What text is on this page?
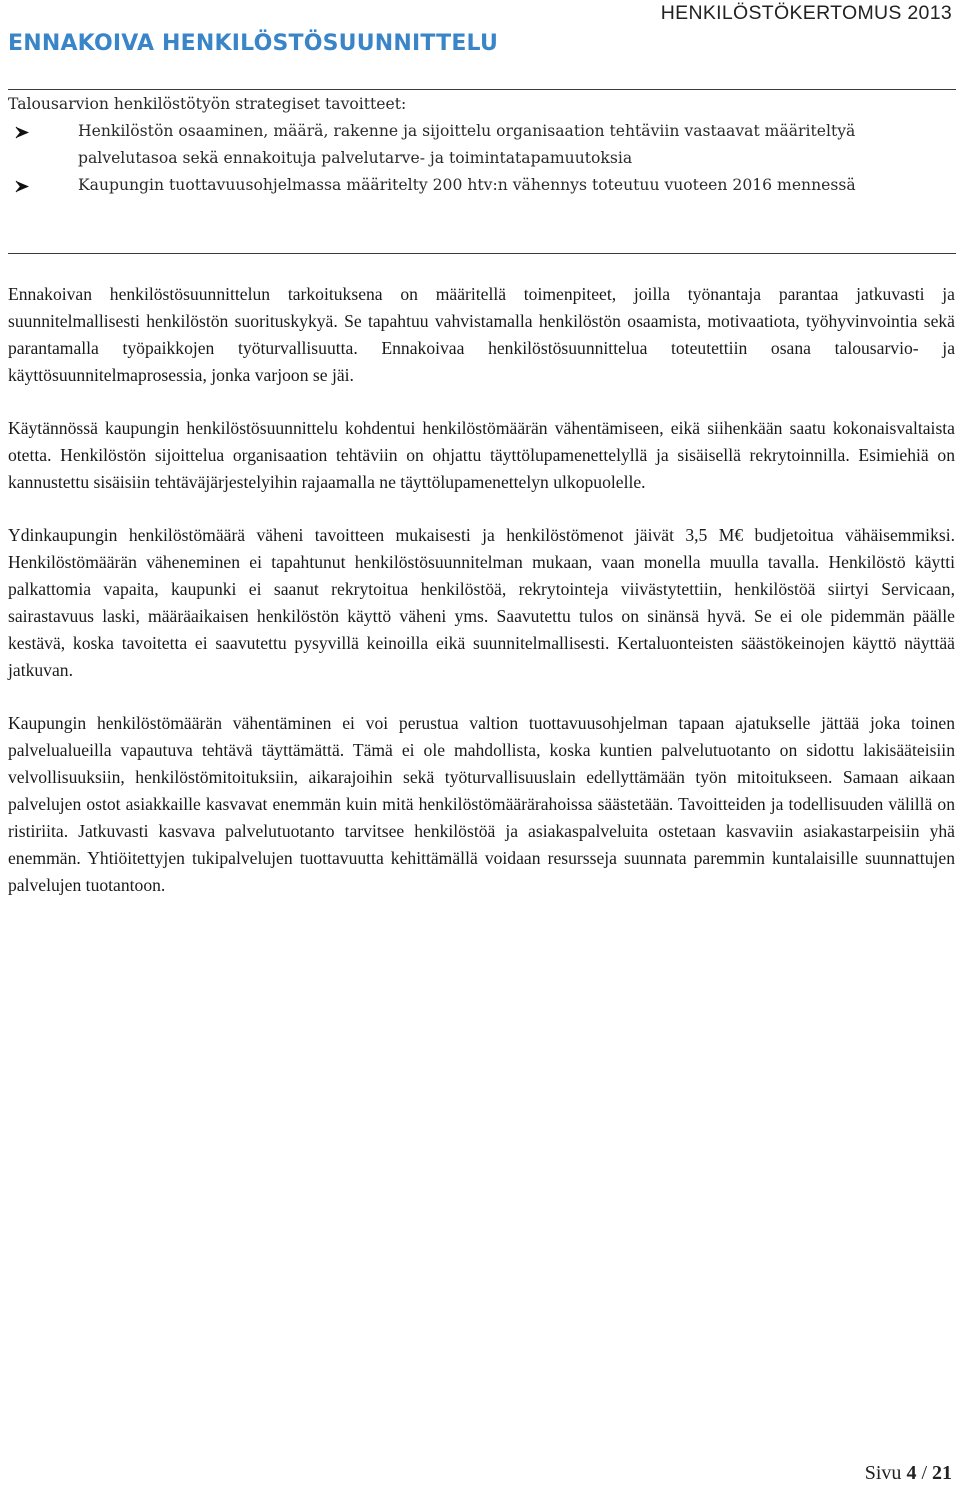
HENKILÖSTÖKERTOMUS 2013
ENNAKOIVA HENKILÖSTÖSUUNNITTELU

Talousarvion henkilöstötyön strategiset tavoitteet:

Henkilöstön osaaminen, määrä, rakenne ja sijoittelu organisaation tehtäviin vastaavat määriteltyä palvelutasoa sekä ennakoituja palvelutarve- ja toimintatapamuutoksia
Kaupungin tuottavuusohjelmassa määritelty 200 htv:n vähennys toteutuu vuoteen 2016 mennessä

Ennakoivan henkilöstösuunnittelun tarkoituksena on määritellä toimenpiteet, joilla työnantaja parantaa jatkuvasti ja suunnitelmallisesti henkilöstön suorituskykyä. Se tapahtuu vahvistamalla henkilöstön osaamista, motivaatiota, työhyvinvointia sekä parantamalla työpaikkojen työturvallisuutta. Ennakoivaa henkilöstösuunnittelua toteutettiin osana talousarvio- ja käyttösuunnitelmaprosessia, jonka varjoon se jäi.

Käytännössä kaupungin henkilöstösuunnittelu kohdentui henkilöstömäärän vähentämiseen, eikä siihenkään saatu kokonaisvaltaista otetta. Henkilöstön sijoittelua organisaation tehtäviin on ohjattu täyttölupamenettelyllä ja sisäisellä rekrytoinnilla. Esimiehiä on kannustettu sisäisiin tehtäväjärjestelyihin rajaamalla ne täyttölupamenettelyn ulkopuolelle.

Ydinkaupungin henkilöstömäärä väheni tavoitteen mukaisesti ja henkilöstömenot jäivät 3,5 M€ budjetoitua vähäisemmiksi. Henkilöstömäärän väheneminen ei tapahtunut henkilöstösuunnitelman mukaan, vaan monella muulla tavalla. Henkilöstö käytti palkattomia vapaita, kaupunki ei saanut rekrytoitua henkilöstöä, rekrytointeja viivästytettiin, henkilöstöä siirtyi Servicaan, sairastavuus laski, määräaikaisen henkilöstön käyttö väheni yms. Saavutettu tulos on sinänsä hyvä. Se ei ole pidemmän päälle kestävä, koska tavoitetta ei saavutettu pysyvillä keinoilla eikä suunnitelmallisesti. Kertaluonteisten säästökeinojen käyttö näyttää jatkuvan.

Kaupungin henkilöstömäärän vähentäminen ei voi perustua valtion tuottavuusohjelman tapaan ajatukselle jättää joka toinen palvelualueilla vapautuva tehtävä täyttämättä. Tämä ei ole mahdollista, koska kuntien palvelutuotanto on sidottu lakisääteisiin velvollisuuksiin, henkilöstömitoituksiin, aikarajoihin sekä työturvallisuuslain edellyttämään työn mitoitukseen. Samaan aikaan palvelujen ostot asiakkaille kasvavat enemmän kuin mitä henkilöstömäärärahoissa säästetään. Tavoitteiden ja todellisuuden välillä on ristiriita. Jatkuvasti kasvava palvelutuotanto tarvitsee henkilöstöä ja asiakaspalveluita ostetaan kasvaviin asiakastarpeisiin yhä enemmän. Yhtiöitettyjen tukipalvelujen tuottavuutta kehittämällä voidaan resursseja suunnata paremmin kuntalaisille suunnattujen palvelujen tuotantoon.

Sivu 4 / 21
